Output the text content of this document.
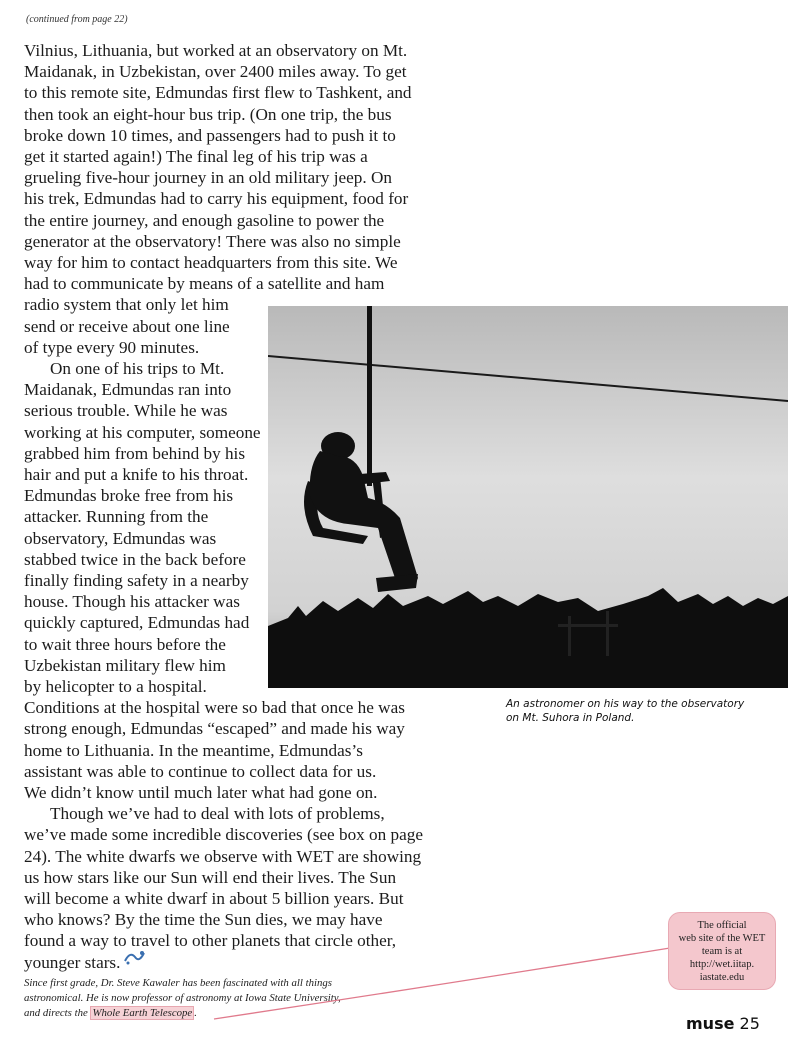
(continued from page 22)
Vilnius, Lithuania, but worked at an observatory on Mt.
Maidanak, in Uzbekistan, over 2400 miles away. To get
to this remote site, Edmundas first flew to Tashkent, and
then took an eight-hour bus trip. (On one trip, the bus
broke down 10 times, and passengers had to push it to
get it started again!) The final leg of his trip was a
grueling five-hour journey in an old military jeep. On
his trek, Edmundas had to carry his equipment, food for
the entire journey, and enough gasoline to power the
generator at the observatory! There was also no simple
way for him to contact headquarters from this site. We
had to communicate by means of a satellite and ham
radio system that only let him
send or receive about one line
of type every 90 minutes.
On one of his trips to Mt.
Maidanak, Edmundas ran into
serious trouble. While he was
working at his computer, someone
grabbed him from behind by his
hair and put a knife to his throat.
Edmundas broke free from his
attacker. Running from the
observatory, Edmundas was
stabbed twice in the back before
finally finding safety in a nearby
house. Though his attacker was
quickly captured, Edmundas had
to wait three hours before the
Uzbekistan military flew him
by helicopter to a hospital.
Conditions at the hospital were so bad that once he was
strong enough, Edmundas “escaped” and made his way
home to Lithuania. In the meantime, Edmundas’s
assistant was able to continue to collect data for us.
We didn’t know until much later what had gone on.
Though we’ve had to deal with lots of problems,
we’ve made some incredible discoveries (see box on page
24). The white dwarfs we observe with WET are showing
us how stars like our Sun will end their lives. The Sun
will become a white dwarf in about 5 billion years. But
who knows? By the time the Sun dies, we may have
found a way to travel to other planets that circle other,
younger stars.
An astronomer on his way to the observatory
on Mt. Suhora in Poland.
Since first grade, Dr. Steve Kawaler has been fascinated with all things
astronomical. He is now professor of astronomy at Iowa State University,
and directs the Whole Earth Telescope .
The official
web site of the WET
team is at
http://wet.iitap.
iastate.edu
muse 25
